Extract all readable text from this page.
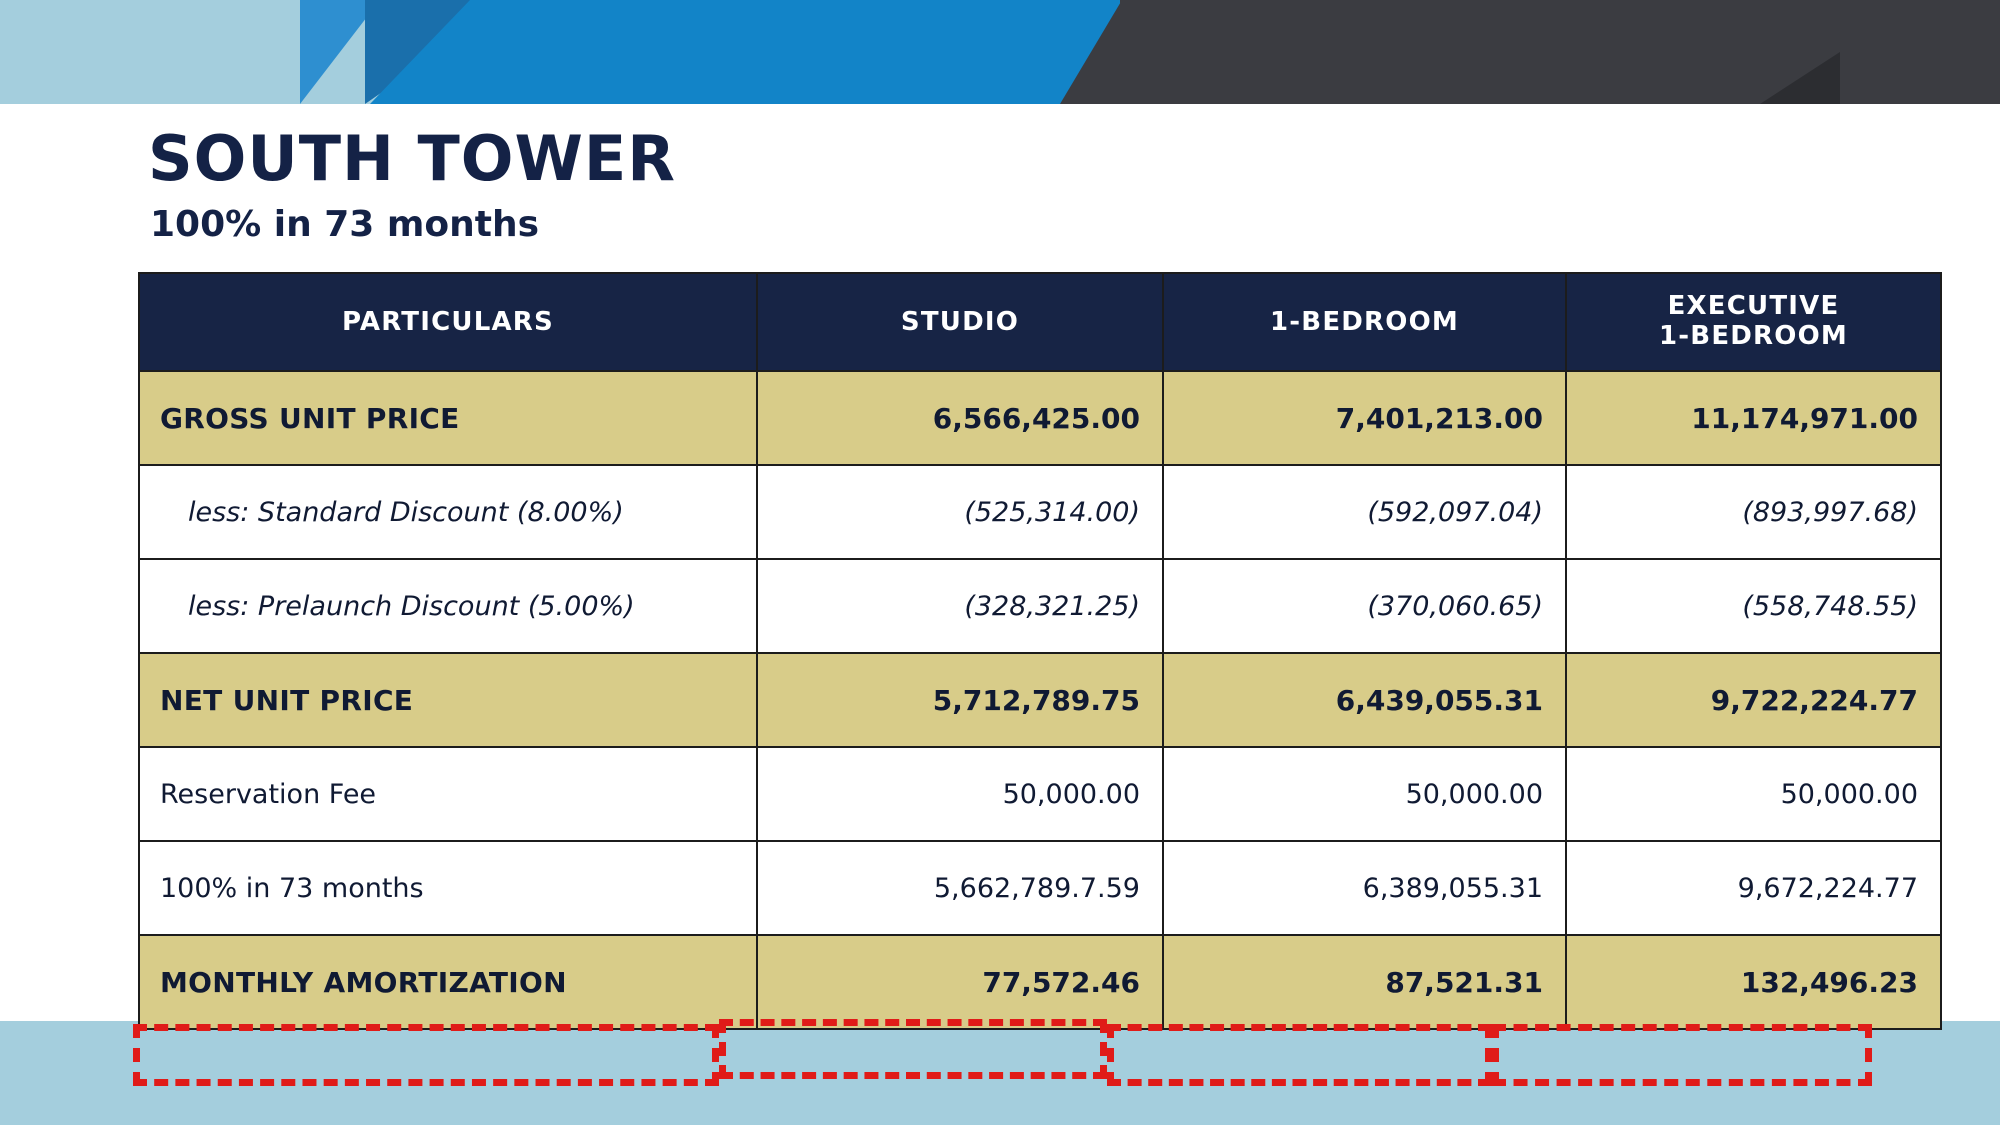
SOUTH TOWER
100% in 73 months
PARTICULARS	STUDIO	1-BEDROOM	EXECUTIVE
1-BEDROOM

GROSS UNIT PRICE	6,566,425.00	7,401,213.00	11,174,971.00
less: Standard Discount (8.00%)	(525,314.00)	(592,097.04)	(893,997.68)
less: Prelaunch Discount (5.00%)	(328,321.25)	(370,060.65)	(558,748.55)
NET UNIT PRICE	5,712,789.75	6,439,055.31	9,722,224.77
Reservation Fee	50,000.00	50,000.00	50,000.00
100% in 73 months	5,662,789.7.59	6,389,055.31	9,672,224.77
MONTHLY AMORTIZATION	77,572.46	87,521.31	132,496.23
